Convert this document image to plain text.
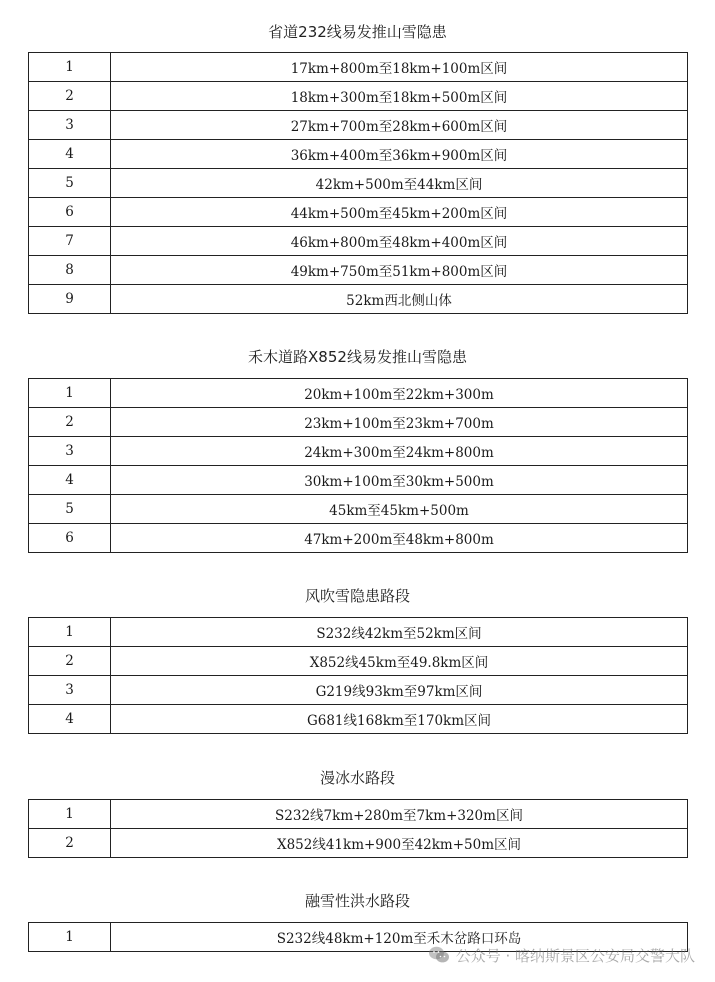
省道232线易发推山雪隐患
1	17km+800m至18km+100m区间
2	18km+300m至18km+500m区间
3	27km+700m至28km+600m区间
4	36km+400m至36km+900m区间
5	42km+500m至44km区间
6	44km+500m至45km+200m区间
7	46km+800m至48km+400m区间
8	49km+750m至51km+800m区间
9	52km西北侧山体
禾木道路X852线易发推山雪隐患
1	20km+100m至22km+300m
2	23km+100m至23km+700m
3	24km+300m至24km+800m
4	30km+100m至30km+500m
5	45km至45km+500m
6	47km+200m至48km+800m
风吹雪隐患路段
1	S232线42km至52km区间
2	X852线45km至49.8km区间
3	G219线93km至97km区间
4	G681线168km至170km区间
漫冰水路段
1	S232线7km+280m至7km+320m区间
2	X852线41km+900至42km+50m区间
融雪性洪水路段
1	S232线48km+120m至禾木岔路口环岛
公众号 · 喀纳斯景区公安局交警大队
